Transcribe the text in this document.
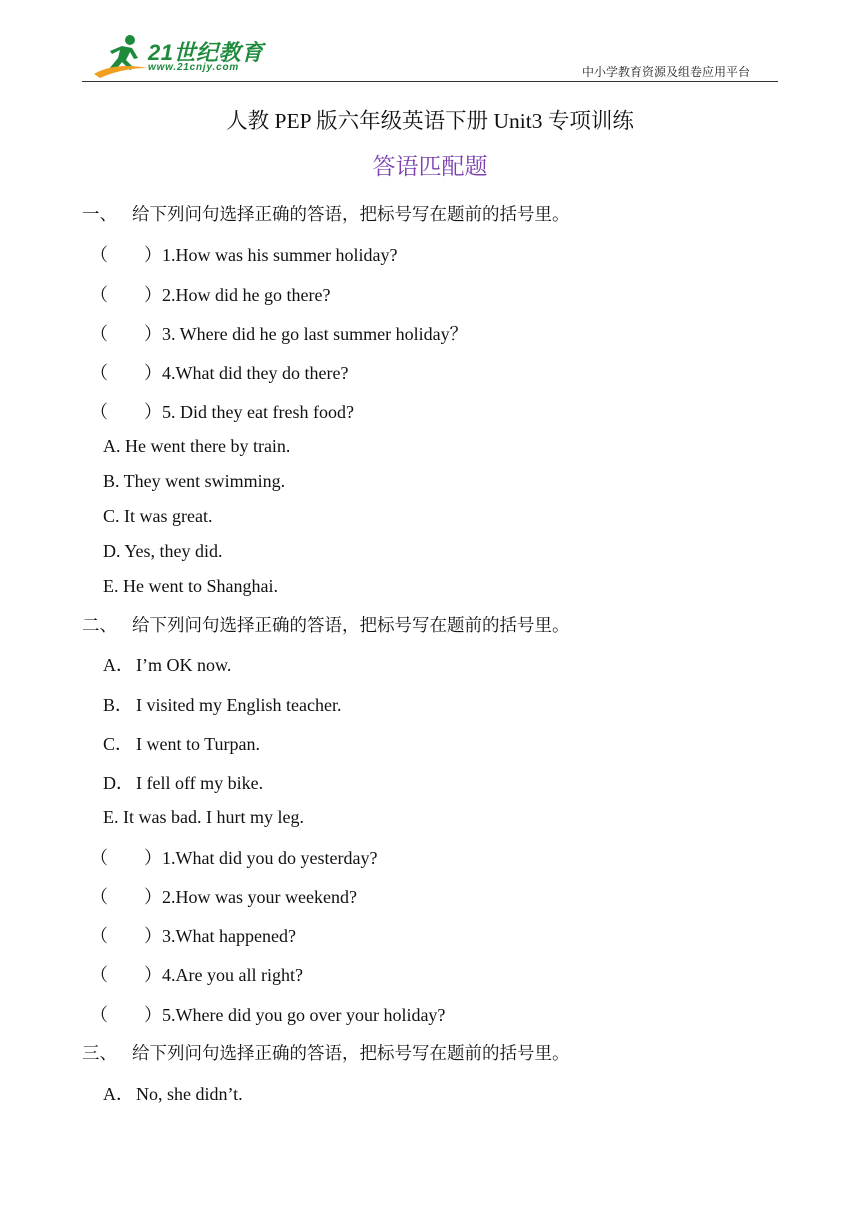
21世纪教育
www.21cnjy.com	中小学教育资源及组卷应用平台
人教 PEP 版六年级英语下册 Unit3 专项训练
答语匹配题
一、 给下列问句选择正确的答语，把标号写在题前的括号里。
（ ）1.How was his summer holiday?
（ ）2.How did he go there?
（ ）3. Where did he go last summer holiday？
（ ）4.What did they do there?
（ ）5. Did they eat fresh food?
A. He went there by train.
B. They went swimming.
C. It was great.
D. Yes, they did.
E. He went to Shanghai.
二、 给下列问句选择正确的答语，把标号写在题前的括号里。
A． I’m OK now.
B． I visited my English teacher.
C． I went to Turpan.
D． I fell off my bike.
E. It was bad. I hurt my leg.
（ ）1.What did you do yesterday?
（ ）2.How was your weekend?
（ ）3.What happened?
（ ）4.Are you all right?
（ ）5.Where did you go over your holiday?
三、 给下列问句选择正确的答语，把标号写在题前的括号里。
A． No, she didn’t.
